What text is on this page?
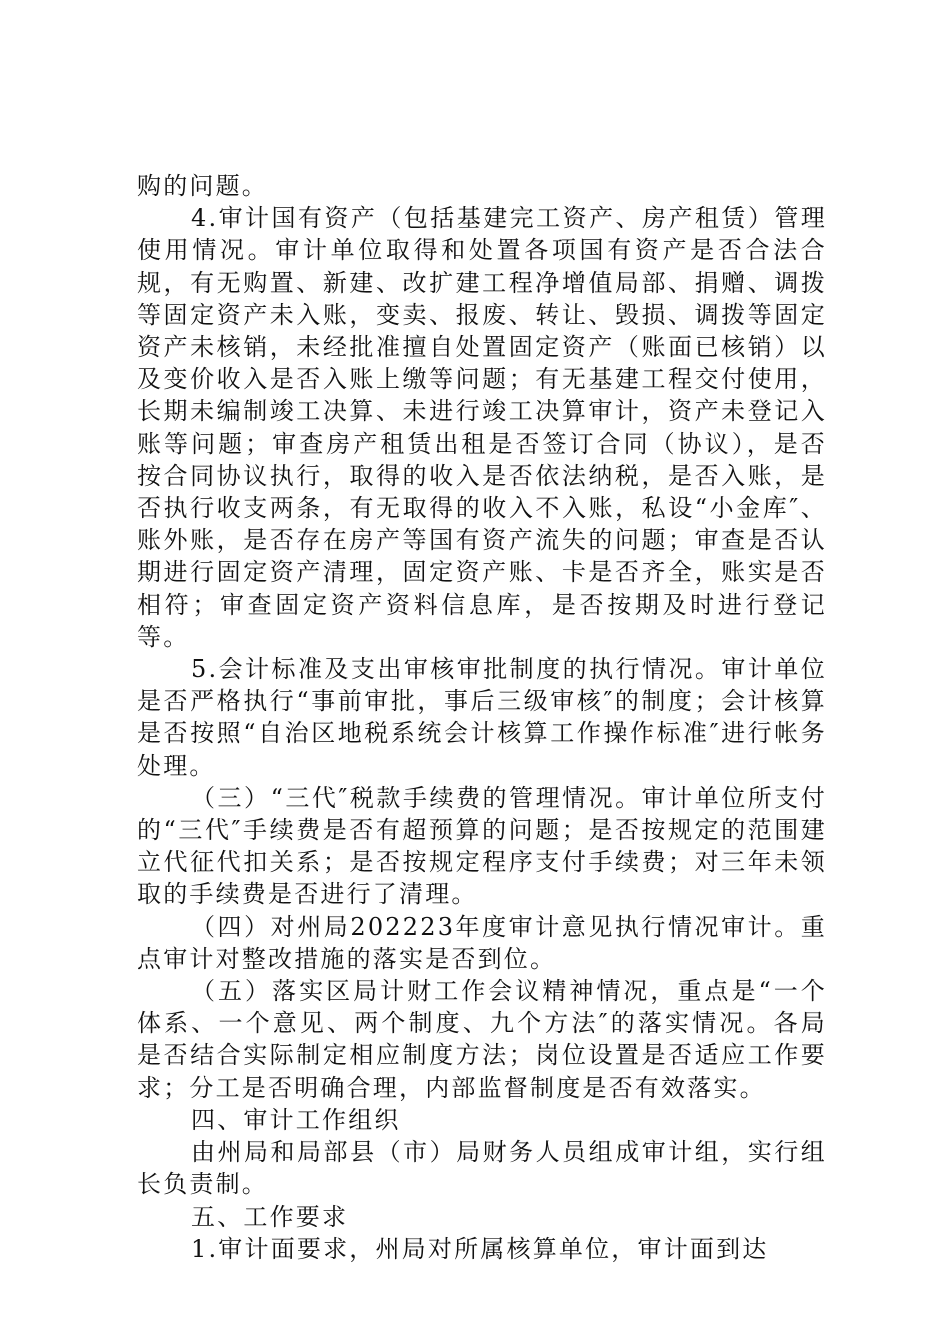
购的问题。

4.审计国有资产（包括基建完工资产、房产租赁）管理使用情况。审计单位取得和处置各项国有资产是否合法合规，有无购置、新建、改扩建工程净增值局部、捐赠、调拨等固定资产未入账，变卖、报废、转让、毁损、调拨等固定资产未核销，未经批准擅自处置固定资产（账面已核销）以及变价收入是否入账上缴等问题；有无基建工程交付使用，长期未编制竣工决算、未进行竣工决算审计，资产未登记入账等问题；审查房产租赁出租是否签订合同（协议），是否按合同协议执行，取得的收入是否依法纳税，是否入账，是否执行收支两条，有无取得的收入不入账，私设“小金库″、账外账，是否存在房产等国有资产流失的问题；审查是否认期进行固定资产清理，固定资产账、卡是否齐全，账实是否相符；审查固定资产资料信息库，是否按期及时进行登记等。

5.会计标准及支出审核审批制度的执行情况。审计单位是否严格执行“事前审批，事后三级审核″的制度；会计核算是否按照“自治区地税系统会计核算工作操作标准″进行帐务处理。

（三）“三代″税款手续费的管理情况。审计单位所支付的“三代″手续费是否有超预算的问题；是否按规定的范围建立代征代扣关系；是否按规定程序支付手续费；对三年未领取的手续费是否进行了清理。

（四）对州局202223年度审计意见执行情况审计。重点审计对整改措施的落实是否到位。

（五）落实区局计财工作会议精神情况，重点是“一个体系、一个意见、两个制度、九个方法″的落实情况。各局是否结合实际制定相应制度方法；岗位设置是否适应工作要求；分工是否明确合理，内部监督制度是否有效落实。

四、审计工作组织

由州局和局部县（市）局财务人员组成审计组，实行组长负责制。

五、工作要求

1.审计面要求，州局对所属核算单位，审计面到达
